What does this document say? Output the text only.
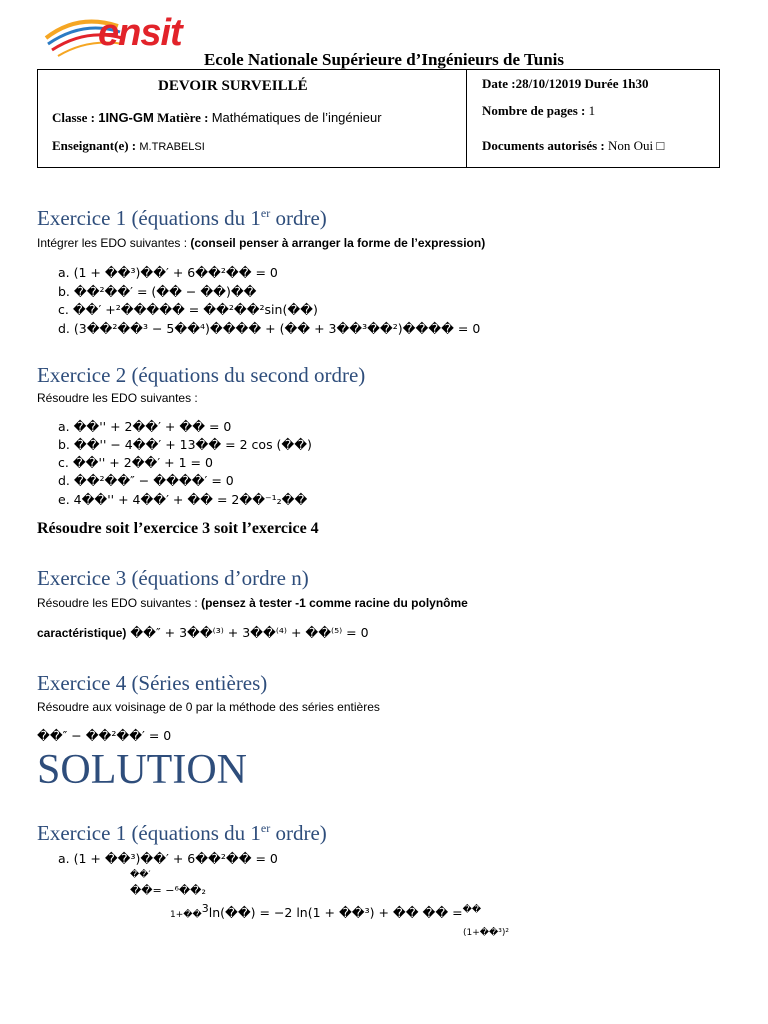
ensit
Ecole Nationale Supérieure d’Ingénieurs de Tunis
DEVOIR SURVEILLÉ
Classe : 1ING-GM Matière : Mathématiques de l’ingénieur
Enseignant(e) : M.TRABELSI
Date :28/10/12019 Durée 1h30
Nombre de pages : 1
Documents autorisés : Non Oui □
Exercice 1 (équations du 1er ordre)
Intégrer les EDO suivantes : (conseil penser à arranger la forme de l’expression)
a. (1 + ��³)��′ + 6��²�� = 0
b. ��²��′ = (�� − ��)��
c. ��′ +²����� = ��²��²sin(��)
d. (3��²��³ − 5��⁴)���� + (�� + 3��³��²)���� = 0
Exercice 2 (équations du second ordre)
Résoudre les EDO suivantes :
a. ��'' + 2��′ + �� = 0
b. ��'' − 4��′ + 13�� = 2 cos (��)
c. ��'' + 2��′ + 1 = 0
d. ��²��″ − ����′ = 0
e. 4��'' + 4��′ + �� = 2��⁻¹₂��
Résoudre soit l’exercice 3 soit l’exercice 4
Exercice 3 (équations d’ordre n)
Résoudre les EDO suivantes : (pensez à tester -1 comme racine du polynôme
caractéristique) ��″ + 3��⁽³⁾ + 3��⁽⁴⁾ + ��⁽⁵⁾ = 0
Exercice 4 (Séries entières)
Résoudre aux voisinage de 0 par la méthode des séries entières
��″ − ��²��′ = 0
SOLUTION
Exercice 1 (équations du 1er ordre)
a. (1 + ��³)��′ + 6��²�� = 0
��′
��= −⁶��₂
1+��$^3$ln(��) = −2 ln(1 + ��³) + �� �� =��
(1+��³)²
